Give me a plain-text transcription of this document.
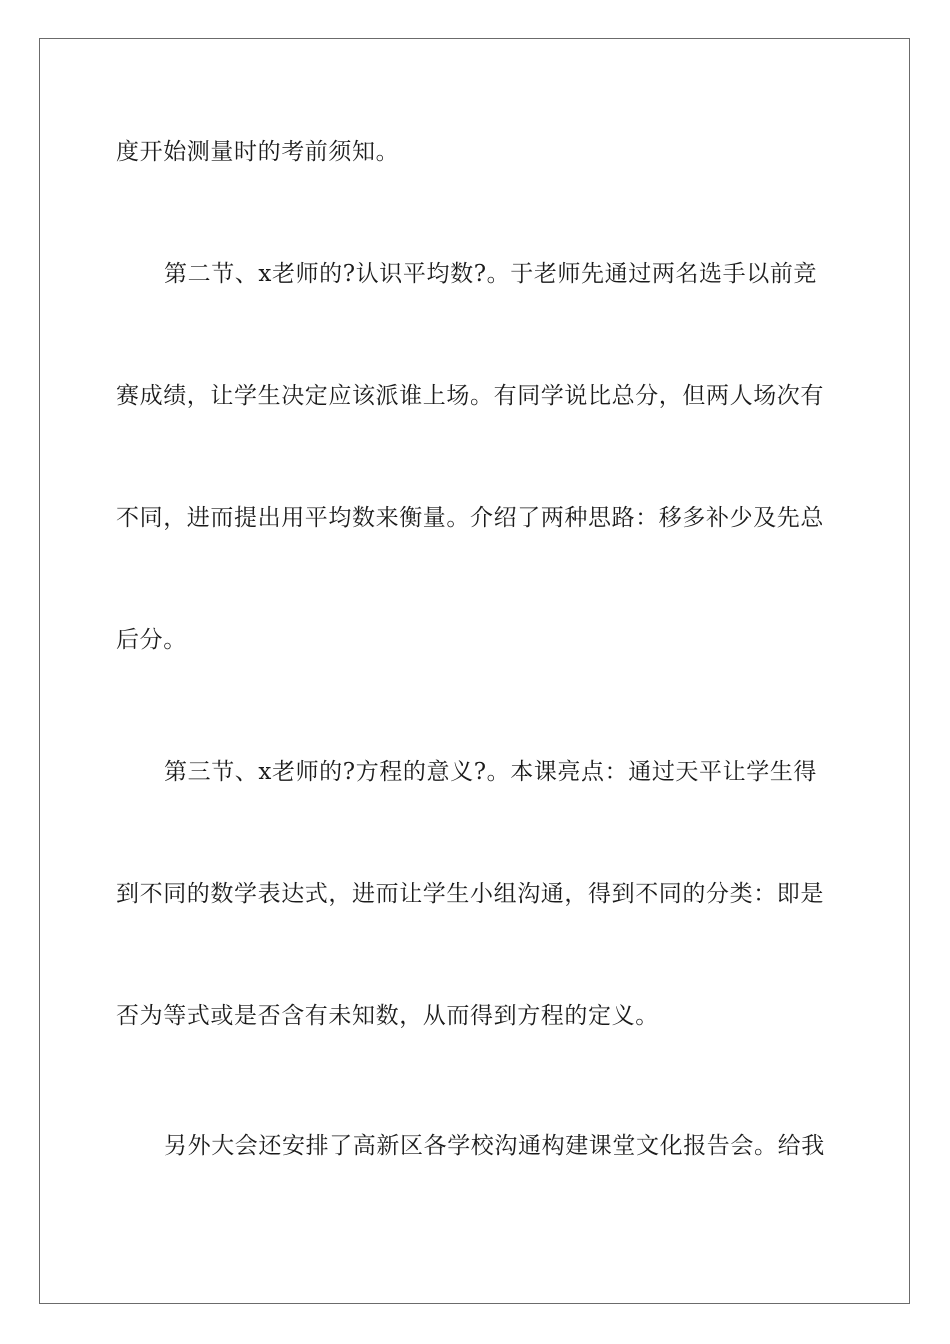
度开始测量时的考前须知。
第二节、x老师的?认识平均数?。于老师先通过两名选手以前竞
赛成绩，让学生决定应该派谁上场。有同学说比总分，但两人场次有
不同，进而提出用平均数来衡量。介绍了两种思路：移多补少及先总
后分。
第三节、x老师的?方程的意义?。本课亮点：通过天平让学生得
到不同的数学表达式，进而让学生小组沟通，得到不同的分类：即是
否为等式或是否含有未知数，从而得到方程的定义。
另外大会还安排了高新区各学校沟通构建课堂文化报告会。给我
